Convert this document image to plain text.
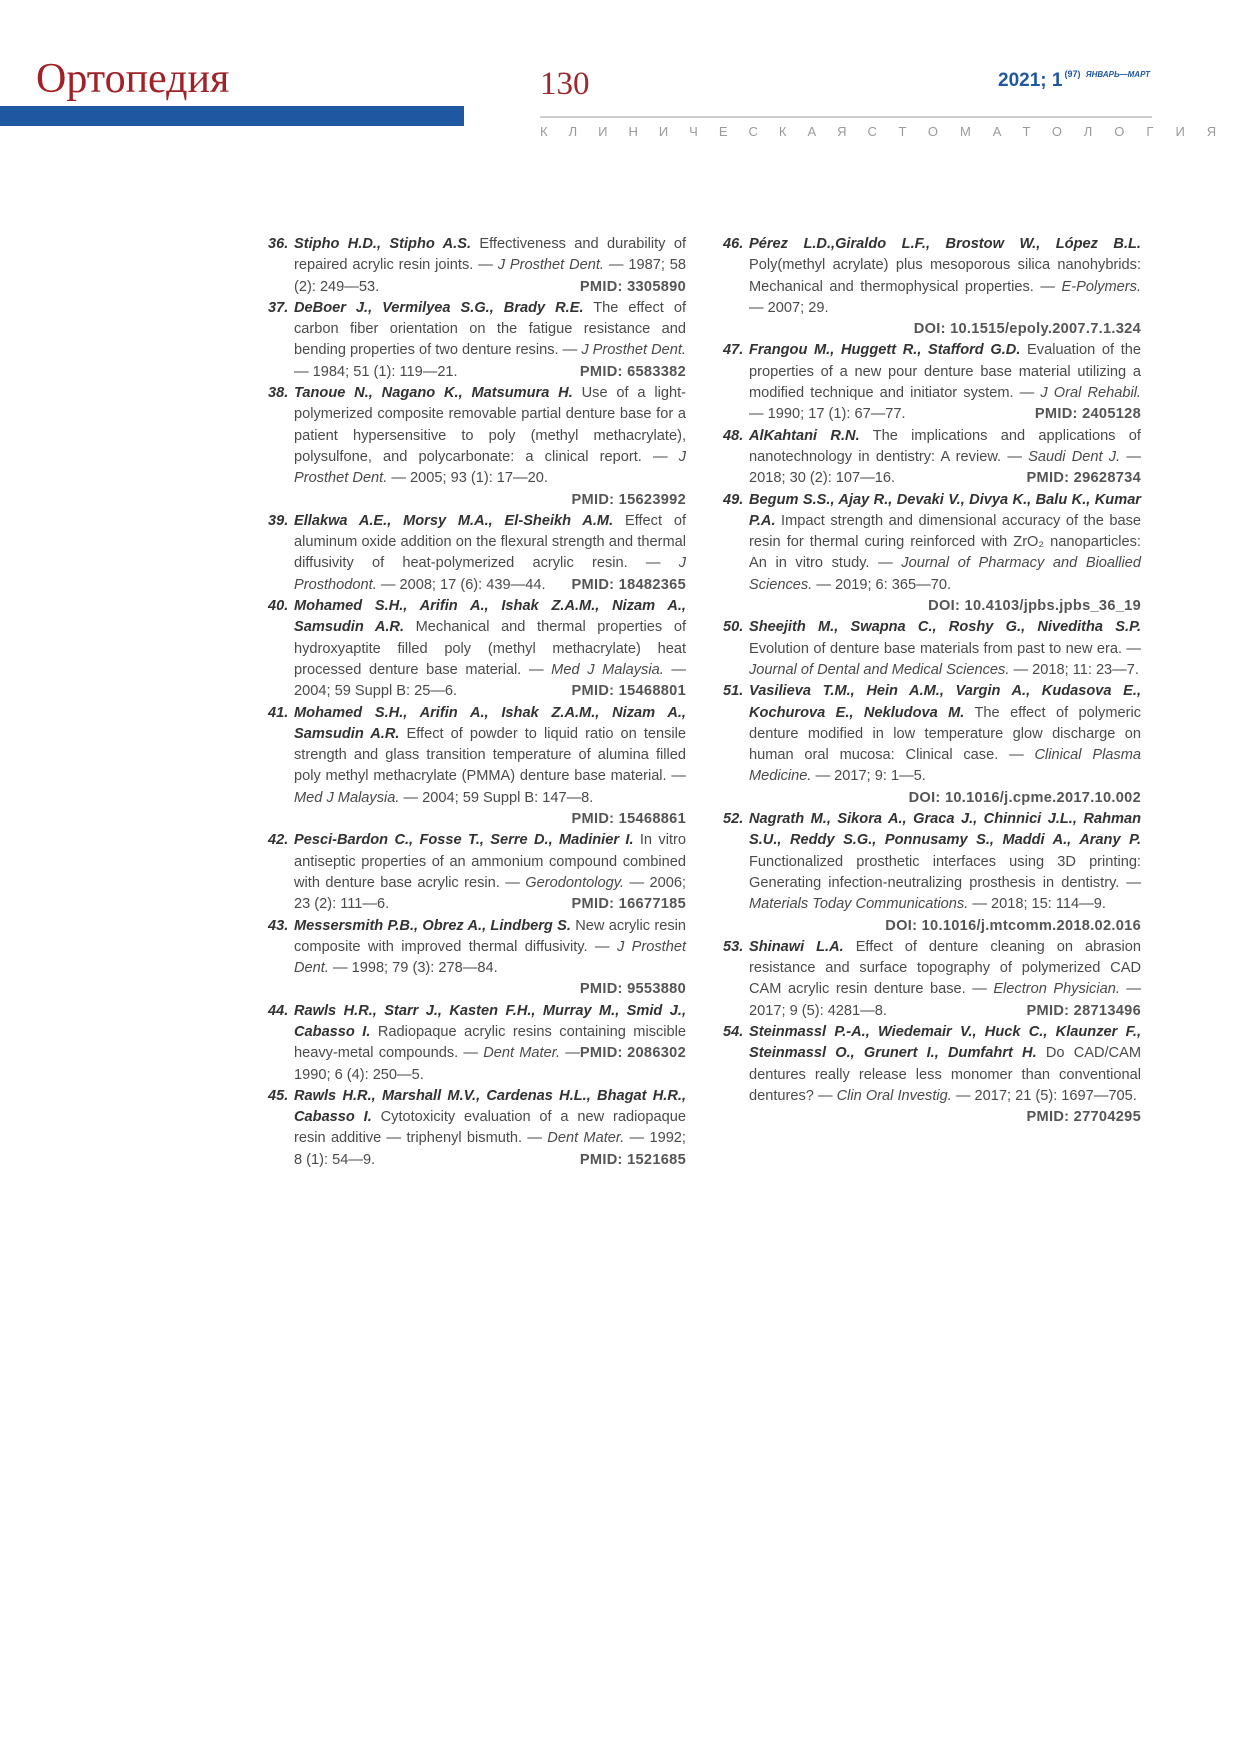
Ортопедия	130	2021; 1 $^{(97)}$ $^{ЯНВАРЬ—МАРТ}$
КЛИНИЧЕСКАЯ СТОМАТОЛОГИЯ
36. Stipho H.D., Stipho A.S. Effectiveness and durability of repaired acrylic resin joints. — J Prosthet Dent.
PMID: 3305890
— 1987; 58 (2): 249—53.
37. DeBoer J., Vermilyea S.G., Brady R.E. The effect of carbon fiber orientation on the fatigue resistance and bending properties of two denture resins. — J Prosthet Dent.
PMID: 6583382
— 1984; 51 (1): 119—21.
38. Tanoue N., Nagano K., Matsumura H. Use of a light-polymerized composite removable partial denture base for a patient hypersensitive to poly (methyl methacrylate), polysulfone, and polycarbonate: a clinical report. — J Prosthet Dent. — 2005; 93 (1): 17—20.
PMID: 15623992
39. Ellakwa A.E., Morsy M.A., El-Sheikh A.M. Effect of aluminum oxide addition on the flexural strength and thermal diffusivity of heat-polymerized acrylic resin. — J Prosthodont.	PMID: 18482365
— 2008; 17 (6): 439—44.
40. Mohamed S.H., Arifin A., Ishak Z.A.M., Nizam A., Samsudin A.R. Mechanical and thermal properties of hydroxyaptite filled poly (methyl methacrylate) heat processed denture base material. — Med J Malaysia.
PMID: 15468801
— 2004; 59 Suppl B: 25—6.
41. Mohamed S.H., Arifin A., Ishak Z.A.M., Nizam A., Samsudin A.R. Effect of powder to liquid ratio on tensile strength and glass transition temperature of alumina filled poly methyl methacrylate (PMMA) denture base material. — Med J Malaysia. — 2004; 59 Suppl B: 147—8.
PMID: 15468861
42. Pesci-Bardon C., Fosse T., Serre D., Madinier I. In vitro antiseptic properties of an ammonium compound combined with denture base acrylic resin. — Gerodontology.
PMID: 16677185
— 2006; 23 (2): 111—6.
43. Messersmith P.B., Obrez A., Lindberg S. New acrylic resin composite with improved thermal diffusivity. — J Prosthet Dent. — 1998; 79 (3): 278—84.
PMID: 9553880
44. Rawls H.R., Starr J., Kasten F.H., Murray M., Smid J., Cabasso I. Radiopaque acrylic resins containing miscible heavy-metal compounds. — Dent Mater. PMID: 2086302
— 1990; 6 (4): 250—5.
45. Rawls H.R., Marshall M.V., Cardenas H.L., Bhagat H.R., Cabasso I. Cytotoxicity evaluation of a new radiopaque resin additive — triphenyl bismuth. — Dent Mater.
PMID: 1521685
— 1992; 8 (1): 54—9.
46. Pérez L.D.,Giraldo L.F., Brostow W., López B.L. Poly(methyl acrylate) plus mesoporous silica nanohybrids: Mechanical and thermophysical properties. — E-Polymers. — 2007; 29.
DOI: 10.1515/epoly.2007.7.1.324
47. Frangou M., Huggett R., Stafford G.D. Evaluation of the properties of a new pour denture base material utilizing a modified technique and initiator system. — J Oral Rehabil.
PMID: 2405128
— 1990; 17 (1): 67—77.
48. AlKahtani R.N. The implications and applications of nanotechnology in dentistry: A review. — Saudi Dent J.
PMID: 29628734
— 2018; 30 (2): 107—16.
49. Begum S.S., Ajay R., Devaki V., Divya K., Balu K., Kumar P.A. Impact strength and dimensional accuracy of the base resin for thermal curing reinforced with ZrO₂ nanoparticles: An in vitro study. — Journal of Pharmacy and Bioallied Sciences. — 2019; 6: 365—70.
DOI: 10.4103/jpbs.jpbs_36_19
50. Sheejith M., Swapna C., Roshy G., Niveditha S.P. Evolution of denture base materials from past to new era. — Journal of Dental and Medical Sciences. — 2018; 11: 23—7.
51. Vasilieva T.M., Hein A.M., Vargin A., Kudasova E., Kochurova E., Nekludova M. The effect of polymeric denture modified in low temperature glow discharge on human oral mucosa: Clinical case. — Clinical Plasma Medicine. — 2017; 9: 1—5.
DOI: 10.1016/j.cpme.2017.10.002
52. Nagrath M., Sikora A., Graca J., Chinnici J.L., Rahman S.U., Reddy S.G., Ponnusamy S., Maddi A., Arany P. Functionalized prosthetic interfaces using 3D printing: Generating infection-neutralizing prosthesis in dentistry. — Materials Today Communications. — 2018; 15: 114—9.
DOI: 10.1016/j.mtcomm.2018.02.016
53. Shinawi L.A. Effect of denture cleaning on abrasion resistance and surface topography of polymerized CAD CAM acrylic resin denture base. — Electron Physician.
PMID: 28713496
— 2017; 9 (5): 4281—8.
54. Steinmassl P.-A., Wiedemair V., Huck C., Klaunzer F., Steinmassl O., Grunert I., Dumfahrt H. Do CAD/CAM dentures really release less monomer than conventional dentures? — Clin Oral Investig. — 2017; 21 (5): 1697—705.
PMID: 27704295
